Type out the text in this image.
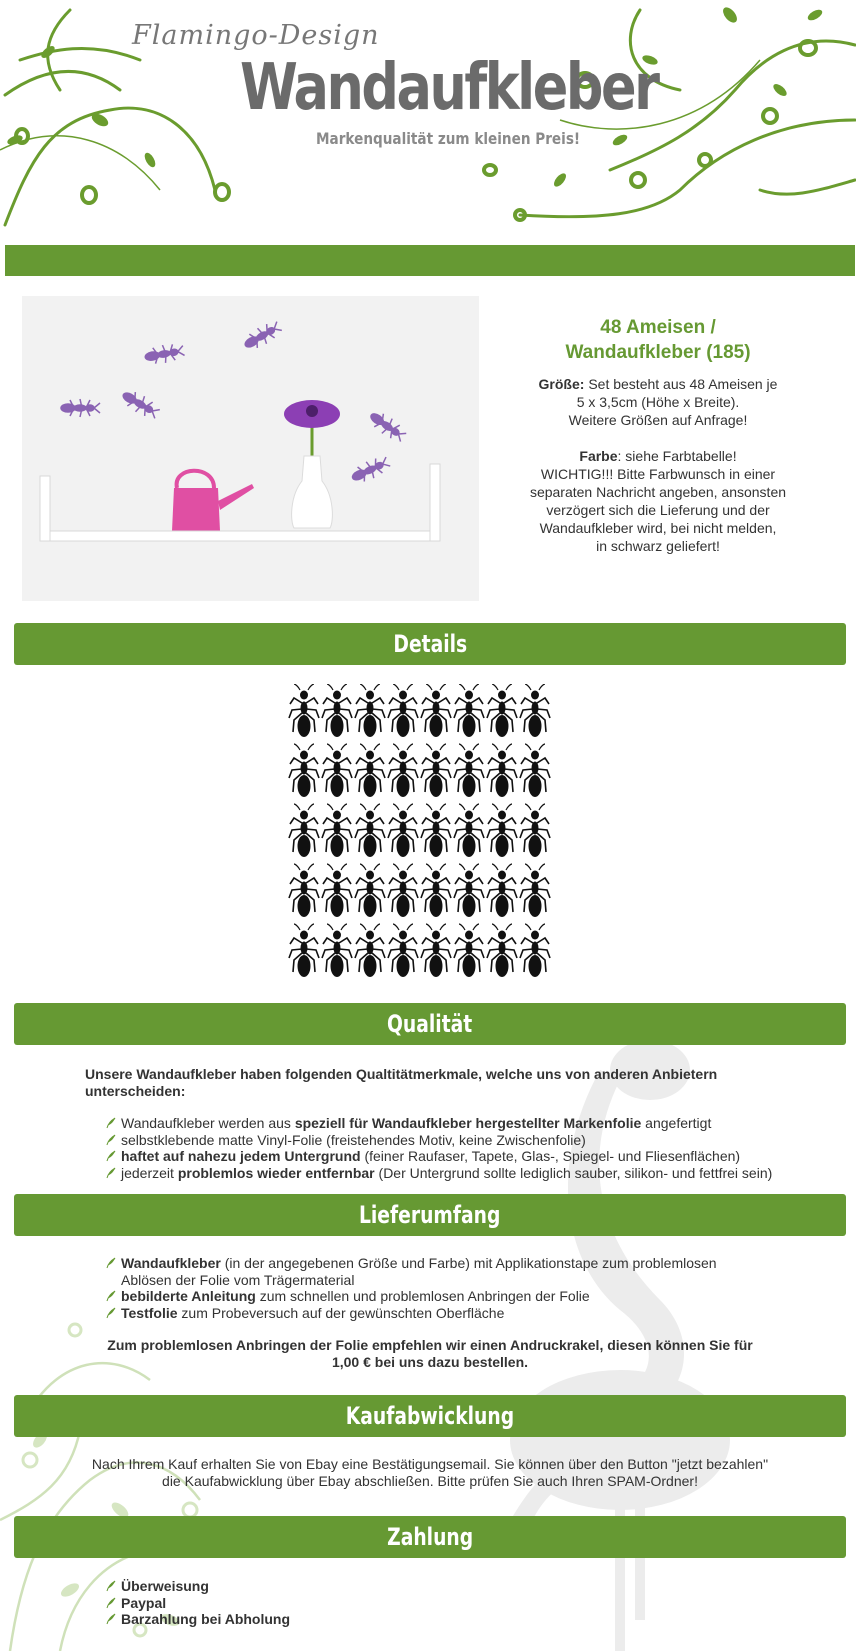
Flamingo-Design
Wandaufkleber
Markenqualität zum kleinen Preis!
48 Ameisen /
Wandaufkleber (185)
Größe: Set besteht aus 48 Ameisen je
5 x 3,5cm (Höhe x Breite).
Weitere Größen auf Anfrage!
Farbe: siehe Farbtabelle!
WICHTIG!!! Bitte Farbwunsch in einer
separaten Nachricht angeben, ansonsten
verzögert sich die Lieferung und der
Wandaufkleber wird, bei nicht melden,
in schwarz geliefert!
Details
Qualität
Unsere Wandaufkleber haben folgenden Qualtitätmerkmale, welche uns von anderen Anbietern unterscheiden:
Wandaufkleber werden aus speziell für Wandaufkleber hergestellter Markenfolie angefertigt
selbstklebende matte Vinyl-Folie (freistehendes Motiv, keine Zwischenfolie)
haftet auf nahezu jedem Untergrund (feiner Raufaser, Tapete, Glas-, Spiegel- und Fliesenflächen)
jederzeit problemlos wieder entfernbar (Der Untergrund sollte lediglich sauber, silikon- und fettfrei sein)
Lieferumfang
Wandaufkleber (in der angegebenen Größe und Farbe) mit Applikationstape zum problemlosen Ablösen der Folie vom Trägermaterial
bebilderte Anleitung zum schnellen und problemlosen Anbringen der Folie
Testfolie zum Probeversuch auf der gewünschten Oberfläche
Zum problemlosen Anbringen der Folie empfehlen wir einen Andruckrakel, diesen können Sie für
1,00 € bei uns dazu bestellen.
Kaufabwicklung
Nach Ihrem Kauf erhalten Sie von Ebay eine Bestätigungsemail. Sie können über den Button "jetzt bezahlen"
die Kaufabwicklung über Ebay abschließen. Bitte prüfen Sie auch Ihren SPAM-Ordner!
Zahlung
Überweisung
Paypal
Barzahlung bei Abholung
